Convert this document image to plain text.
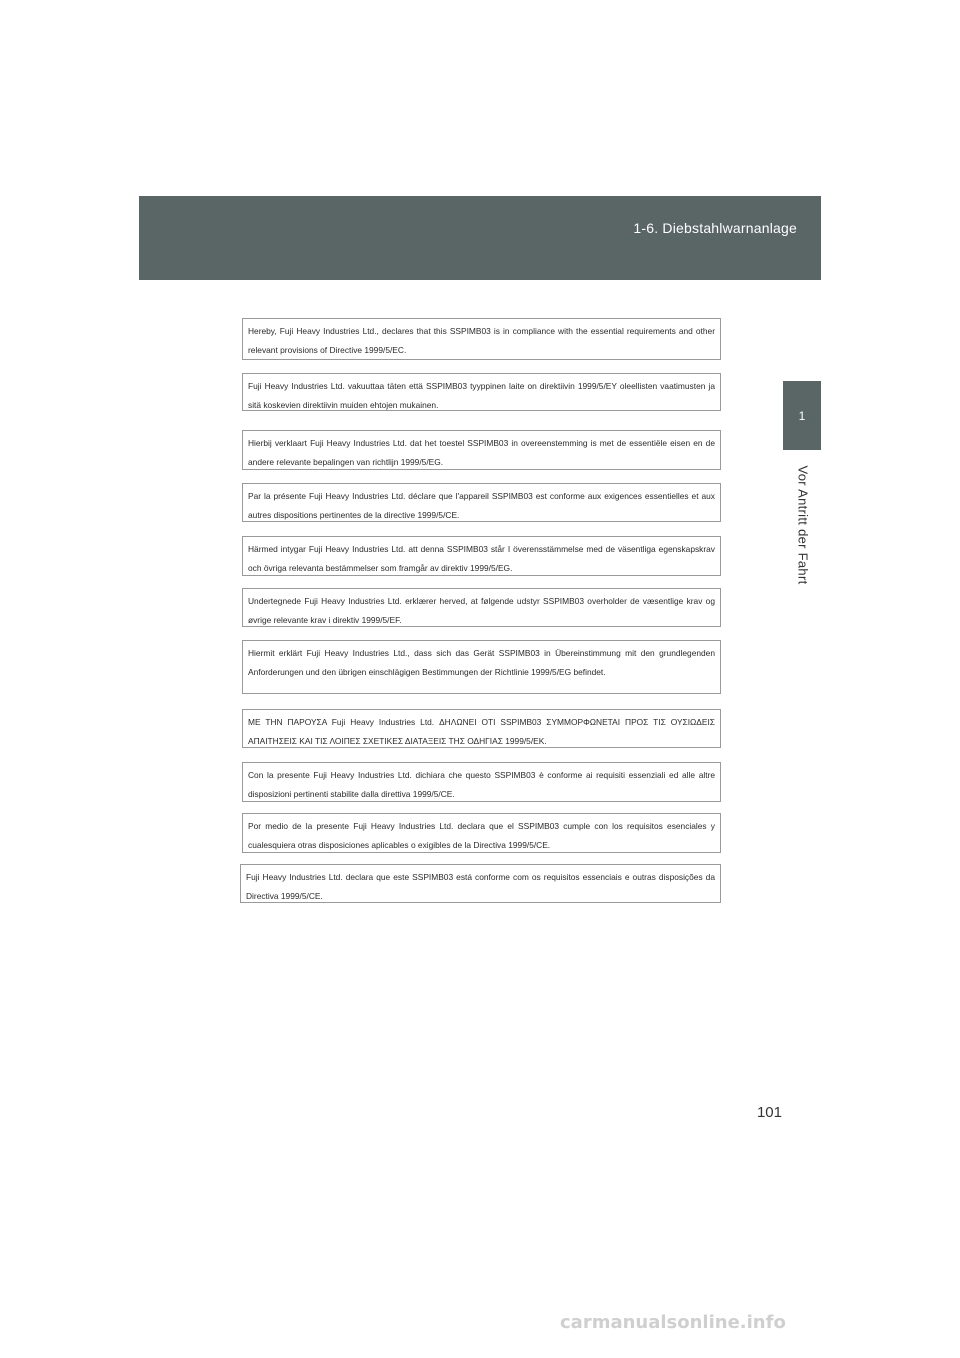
1-6. Diebstahlwarnanlage
1
Vor Antritt der Fahrt
Hereby, Fuji Heavy Industries Ltd., declares that this SSPIMB03 is in compliance with the essential requirements and other relevant provisions of Directive 1999/5/EC.
Fuji Heavy Industries Ltd. vakuuttaa täten että SSPIMB03 tyyppinen laite on direktiivin 1999/5/EY oleellisten vaatimusten ja sitä koskevien direktiivin muiden ehtojen mukainen.
Hierbij verklaart Fuji Heavy Industries Ltd. dat het toestel SSPIMB03 in overeenstemming is met de essentiële eisen en de andere relevante bepalingen van richtlijn 1999/5/EG.
Par la présente Fuji Heavy Industries Ltd. déclare que l'appareil SSPIMB03 est conforme aux exigences essentielles et aux autres dispositions pertinentes de la directive 1999/5/CE.
Härmed intygar Fuji Heavy Industries Ltd. att denna SSPIMB03 står I överensstämmelse med de väsentliga egenskapskrav och övriga relevanta bestämmelser som framgår av direktiv 1999/5/EG.
Undertegnede Fuji Heavy Industries Ltd. erklærer herved, at følgende udstyr SSPIMB03 overholder de væsentlige krav og øvrige relevante krav i direktiv 1999/5/EF.
Hiermit erklärt Fuji Heavy Industries Ltd., dass sich das Gerät SSPIMB03 in Übereinstimmung mit den grundlegenden Anforderungen und den übrigen einschlägigen Bestimmungen der Richtlinie 1999/5/EG befindet.
ΜΕ ΤΗΝ ΠΑΡΟΥΣΑ Fuji Heavy Industries Ltd. ΔΗΛΩΝΕΙ ΟΤΙ SSPIMB03 ΣΥΜΜΟΡΦΩΝΕΤΑΙ ΠΡΟΣ ΤΙΣ ΟΥΣΙΩΔΕΙΣ ΑΠΑΙΤΗΣΕΙΣ ΚΑΙ ΤΙΣ ΛΟΙΠΕΣ ΣΧΕΤΙΚΕΣ ΔΙΑΤΑΞΕΙΣ ΤΗΣ ΟΔΗΓΙΑΣ 1999/5/ΕΚ.
Con la presente Fuji Heavy Industries Ltd. dichiara che questo SSPIMB03 è conforme ai requisiti essenziali ed alle altre disposizioni pertinenti stabilite dalla direttiva 1999/5/CE.
Por medio de la presente Fuji Heavy Industries Ltd. declara que el SSPIMB03 cumple con los requisitos esenciales y cualesquiera otras disposiciones aplicables o exigibles de la Directiva 1999/5/CE.
Fuji Heavy Industries Ltd. declara que este SSPIMB03 está conforme com os requisitos essenciais e outras disposições da Directiva 1999/5/CE.
101
carmanualsonline.info
